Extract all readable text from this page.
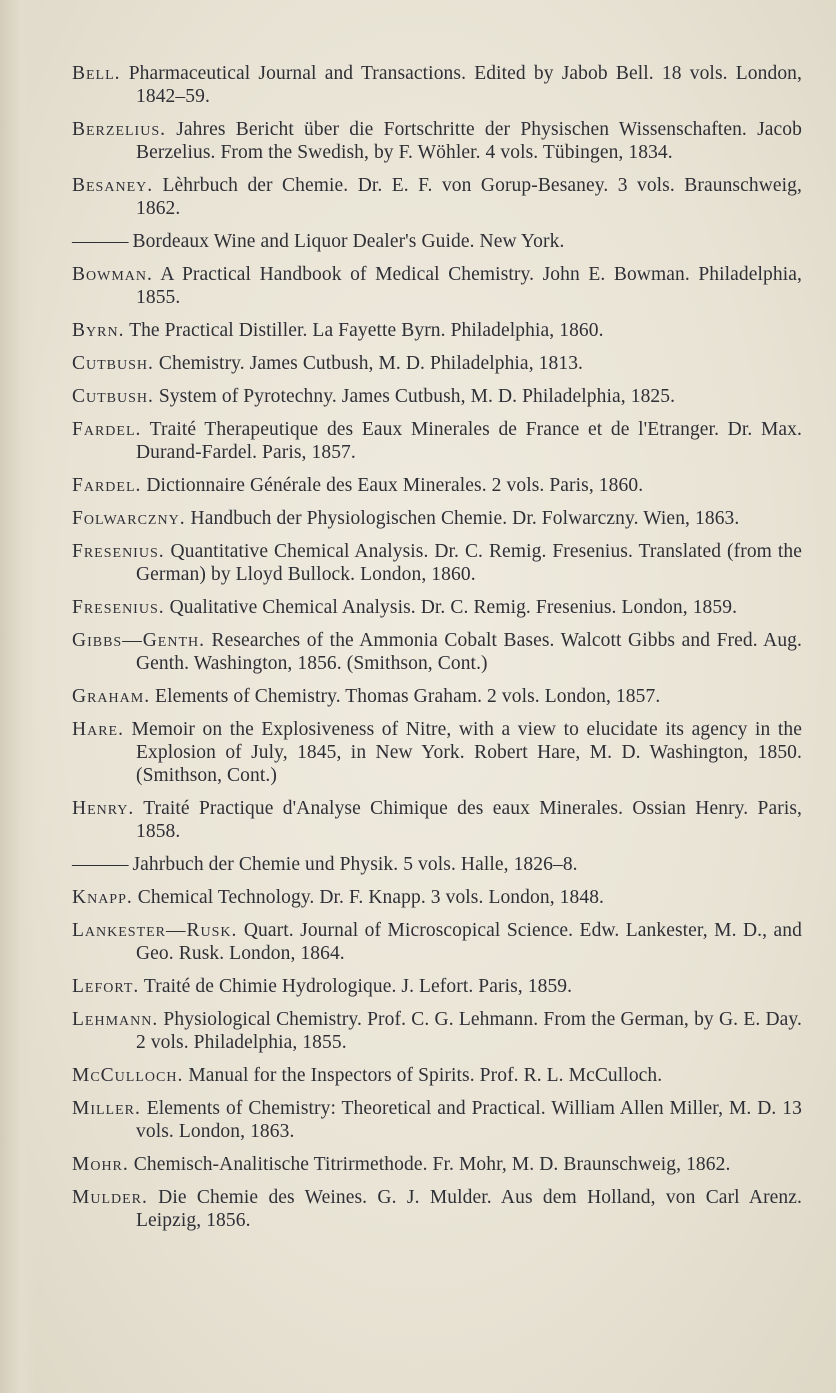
Bell. Pharmaceutical Journal and Transactions. Edited by Jabob Bell. 18 vols. London, 1842–59.

Berzelius. Jahres Bericht über die Fortschritte der Physischen Wissenschaften. Jacob Berzelius. From the Swedish, by F. Wöhler. 4 vols. Tübingen, 1834.

Besaney. Lèhrbuch der Chemie. Dr. E. F. von Gorup-Besaney. 3 vols. Braunschweig, 1862.

——— Bordeaux Wine and Liquor Dealer's Guide. New York.

Bowman. A Practical Handbook of Medical Chemistry. John E. Bowman. Philadelphia, 1855.

Byrn. The Practical Distiller. La Fayette Byrn. Philadelphia, 1860.

Cutbush. Chemistry. James Cutbush, M. D. Philadelphia, 1813.

Cutbush. System of Pyrotechny. James Cutbush, M. D. Philadelphia, 1825.

Fardel. Traité Therapeutique des Eaux Minerales de France et de l'Etranger. Dr. Max. Durand-Fardel. Paris, 1857.

Fardel. Dictionnaire Générale des Eaux Minerales. 2 vols. Paris, 1860.

Folwarczny. Handbuch der Physiologischen Chemie. Dr. Folwarczny. Wien, 1863.

Fresenius. Quantitative Chemical Analysis. Dr. C. Remig. Fresenius. Translated (from the German) by Lloyd Bullock. London, 1860.

Fresenius. Qualitative Chemical Analysis. Dr. C. Remig. Fresenius. London, 1859.

Gibbs—Genth. Researches of the Ammonia Cobalt Bases. Walcott Gibbs and Fred. Aug. Genth. Washington, 1856. (Smithson, Cont.)

Graham. Elements of Chemistry. Thomas Graham. 2 vols. London, 1857.

Hare. Memoir on the Explosiveness of Nitre, with a view to elucidate its agency in the Explosion of July, 1845, in New York. Robert Hare, M. D. Washington, 1850. (Smithson, Cont.)

Henry. Traité Practique d'Analyse Chimique des eaux Minerales. Ossian Henry. Paris, 1858.

——— Jahrbuch der Chemie und Physik. 5 vols. Halle, 1826–8.

Knapp. Chemical Technology. Dr. F. Knapp. 3 vols. London, 1848.

Lankester—Rusk. Quart. Journal of Microscopical Science. Edw. Lankester, M. D., and Geo. Rusk. London, 1864.

Lefort. Traité de Chimie Hydrologique. J. Lefort. Paris, 1859.

Lehmann. Physiological Chemistry. Prof. C. G. Lehmann. From the German, by G. E. Day. 2 vols. Philadelphia, 1855.

McCulloch. Manual for the Inspectors of Spirits. Prof. R. L. McCulloch.

Miller. Elements of Chemistry: Theoretical and Practical. William Allen Miller, M. D. 13 vols. London, 1863.

Mohr. Chemisch-Analitische Titrirmethode. Fr. Mohr, M. D. Braunschweig, 1862.

Mulder. Die Chemie des Weines. G. J. Mulder. Aus dem Holland, von Carl Arenz. Leipzig, 1856.
